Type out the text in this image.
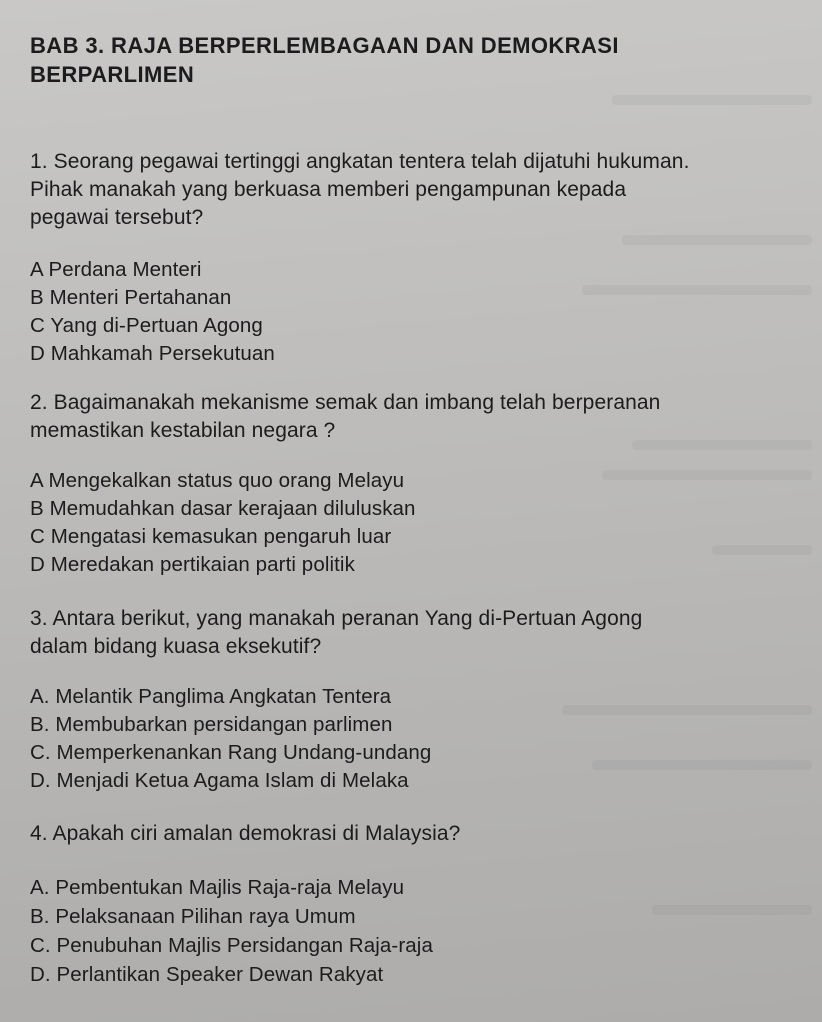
BAB 3. RAJA BERPERLEMBAGAAN DAN DEMOKRASI
BERPARLIMEN
1. Seorang pegawai tertinggi angkatan tentera telah dijatuhi hukuman.
Pihak manakah yang berkuasa memberi pengampunan kepada
pegawai tersebut?
A Perdana Menteri
B Menteri Pertahanan
C Yang di-Pertuan Agong
D Mahkamah Persekutuan
2. Bagaimanakah mekanisme semak dan imbang telah berperanan
memastikan kestabilan negara ?
A Mengekalkan status quo orang Melayu
B Memudahkan dasar kerajaan diluluskan
C Mengatasi kemasukan pengaruh luar
D Meredakan pertikaian parti politik
3. Antara berikut, yang manakah peranan Yang di-Pertuan Agong
dalam bidang kuasa eksekutif?
A. Melantik Panglima Angkatan Tentera
B. Membubarkan persidangan parlimen
C. Memperkenankan Rang Undang-undang
D. Menjadi Ketua Agama Islam di Melaka
4. Apakah ciri amalan demokrasi di Malaysia?
A. Pembentukan Majlis Raja-raja Melayu
B. Pelaksanaan Pilihan raya Umum
C. Penubuhan Majlis Persidangan Raja-raja
D. Perlantikan Speaker Dewan Rakyat
